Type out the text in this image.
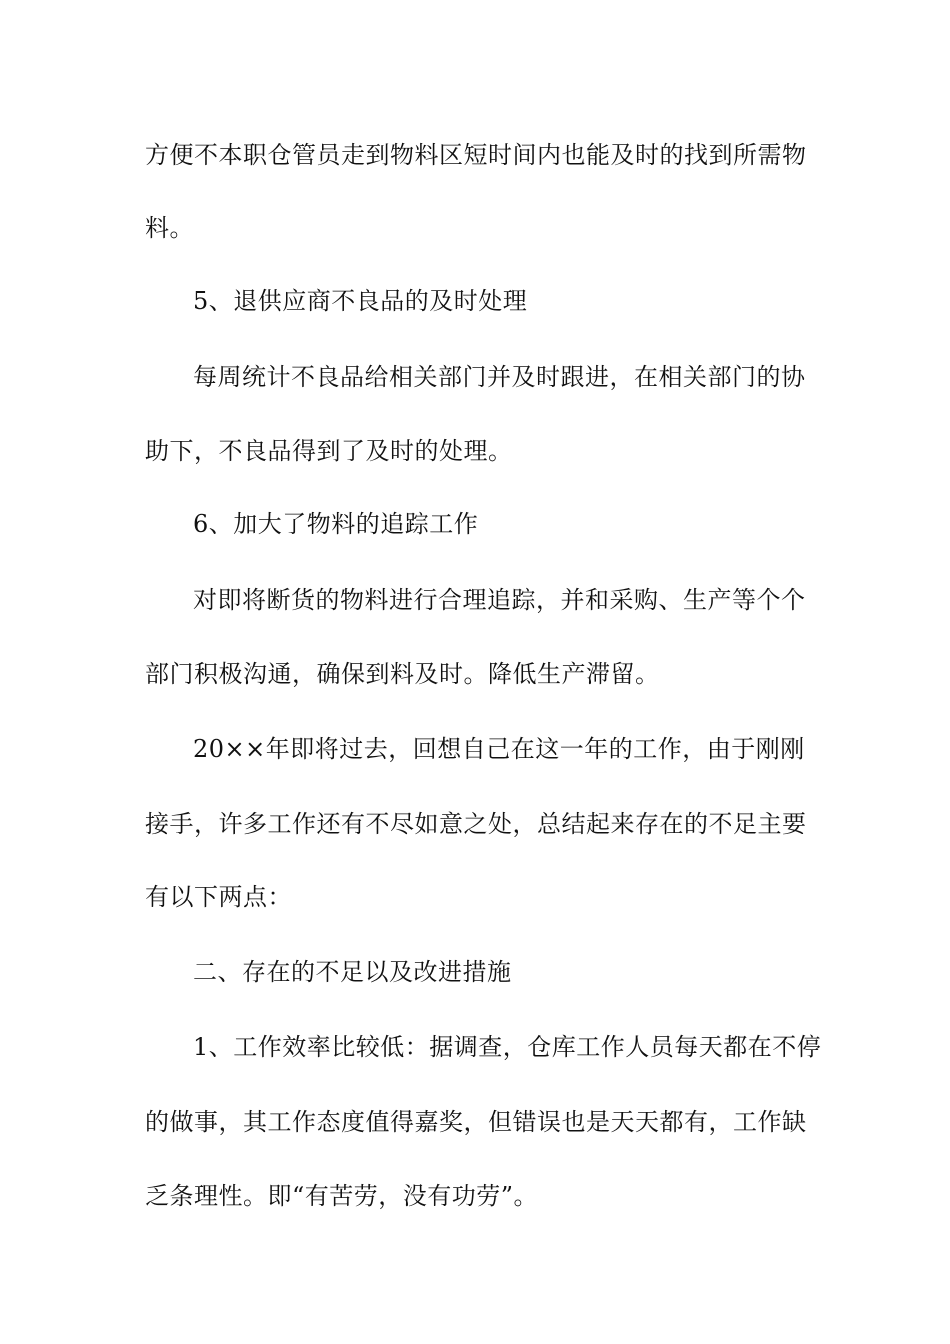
方便不本职仓管员走到物料区短时间内也能及时的找到所需物
料。
5、退供应商不良品的及时处理
每周统计不良品给相关部门并及时跟进，在相关部门的协
助下，不良品得到了及时的处理。
6、加大了物料的追踪工作
对即将断货的物料进行合理追踪，并和采购、生产等个个
部门积极沟通，确保到料及时。降低生产滞留。
20××年即将过去，回想自己在这一年的工作，由于刚刚
接手，许多工作还有不尽如意之处，总结起来存在的不足主要
有以下两点：
二、存在的不足以及改进措施
1、工作效率比较低：据调查，仓库工作人员每天都在不停
的做事，其工作态度值得嘉奖，但错误也是天天都有，工作缺
乏条理性。即“有苦劳，没有功劳”。
